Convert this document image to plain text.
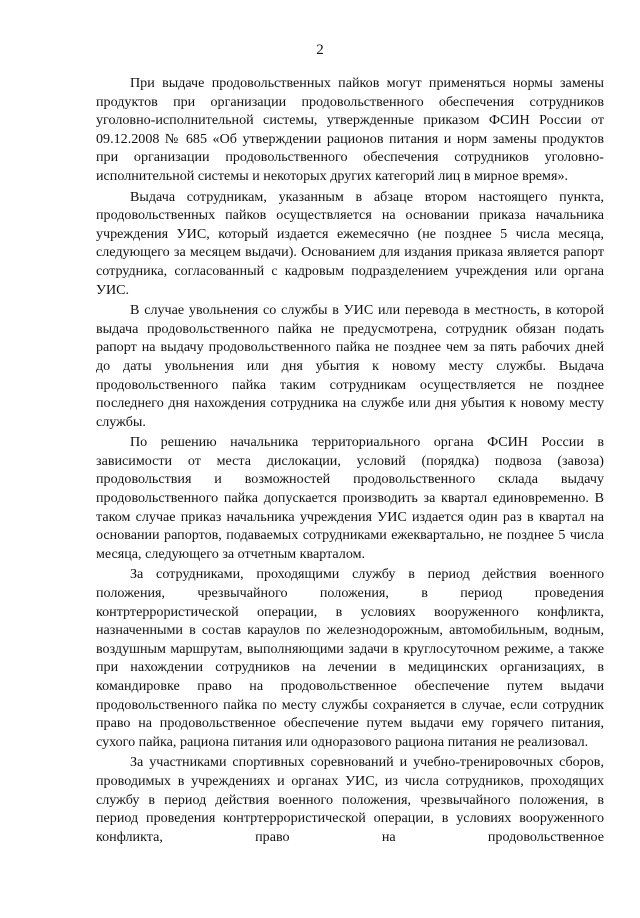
2

При выдаче продовольственных пайков могут применяться нормы замены продуктов при организации продовольственного обеспечения сотрудников уголовно-исполнительной системы, утвержденные приказом ФСИН России от 09.12.2008 № 685 «Об утверждении рационов питания и норм замены продуктов при организации продовольственного обеспечения сотрудников уголовно-исполнительной системы и некоторых других категорий лиц в мирное время».

Выдача сотрудникам, указанным в абзаце втором настоящего пункта, продовольственных пайков осуществляется на основании приказа начальника учреждения УИС, который издается ежемесячно (не позднее 5 числа месяца, следующего за месяцем выдачи). Основанием для издания приказа является рапорт сотрудника, согласованный с кадровым подразделением учреждения или органа УИС.

В случае увольнения со службы в УИС или перевода в местность, в которой выдача продовольственного пайка не предусмотрена, сотрудник обязан подать рапорт на выдачу продовольственного пайка не позднее чем за пять рабочих дней до даты увольнения или дня убытия к новому месту службы. Выдача продовольственного пайка таким сотрудникам осуществляется не позднее последнего дня нахождения сотрудника на службе или дня убытия к новому месту службы.

По решению начальника территориального органа ФСИН России в зависимости от места дислокации, условий (порядка) подвоза (завоза) продовольствия и возможностей продовольственного склада выдачу продовольственного пайка допускается производить за квартал единовременно. В таком случае приказ начальника учреждения УИС издается один раз в квартал на основании рапортов, подаваемых сотрудниками ежеквартально, не позднее 5 числа месяца, следующего за отчетным кварталом.

За сотрудниками, проходящими службу в период действия военного положения, чрезвычайного положения, в период проведения контртеррористической операции, в условиях вооруженного конфликта, назначенными в состав караулов по железнодорожным, автомобильным, водным, воздушным маршрутам, выполняющими задачи в круглосуточном режиме, а также при нахождении сотрудников на лечении в медицинских организациях, в командировке право на продовольственное обеспечение путем выдачи продовольственного пайка по месту службы сохраняется в случае, если сотрудник право на продовольственное обеспечение путем выдачи ему горячего питания, сухого пайка, рациона питания или одноразового рациона питания не реализовал.

За участниками спортивных соревнований и учебно-тренировочных сборов, проводимых в учреждениях и органах УИС, из числа сотрудников, проходящих службу в период действия военного положения, чрезвычайного положения, в период проведения контртеррористической операции, в условиях вооруженного конфликта, право на продовольственное
